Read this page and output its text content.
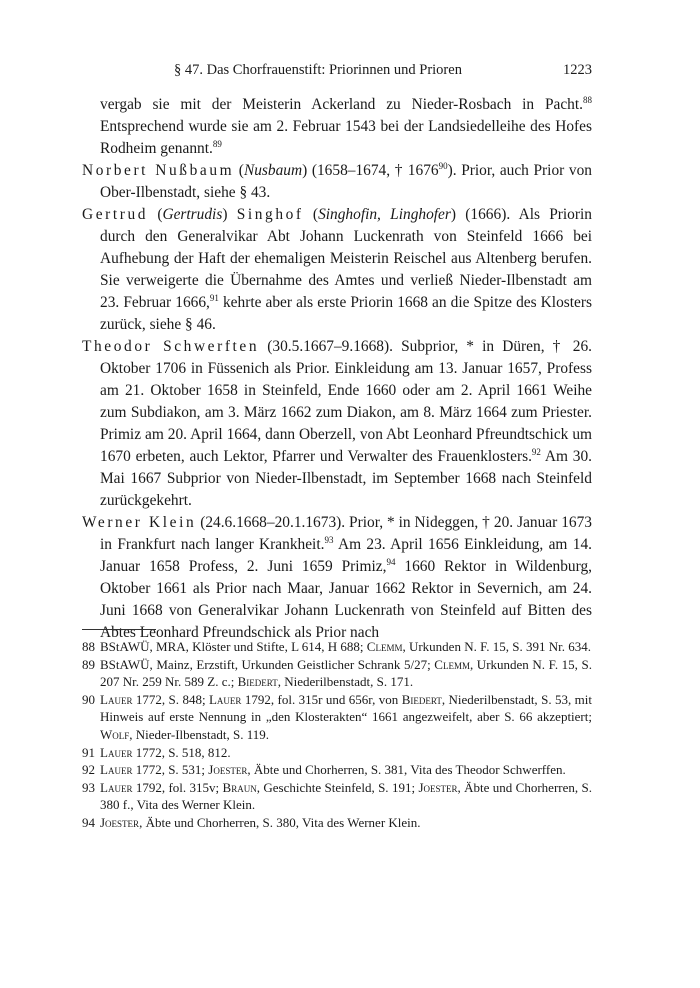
§ 47. Das Chorfrauenstift: Priorinnen und Prioren	1223

vergab sie mit der Meisterin Ackerland zu Nieder-Rosbach in Pacht.$^{88}$ Entsprechend wurde sie am 2. Februar 1543 bei der Landsiedelleihe des Hofes Rodheim genannt.$^{89}$

Norbert Nußbaum (Nusbaum) (1658–1674, † 1676$^{90}$). Prior, auch Prior von Ober-Ilbenstadt, siehe § 43.

Gertrud (Gertrudis) Singhof (Singhofin, Linghofer) (1666). Als Priorin durch den Generalvikar Abt Johann Luckenrath von Steinfeld 1666 bei Aufhebung der Haft der ehemaligen Meisterin Reischel aus Altenberg berufen. Sie verweigerte die Übernahme des Amtes und verließ Nieder-Ilbenstadt am 23. Februar 1666,91 kehrte aber als erste Priorin 1668 an die Spitze des Klosters zurück, siehe § 46.

Theodor Schwerften (30.5.1667–9.1668). Subprior, * in Düren, † 26. Oktober 1706 in Füssenich als Prior. Einkleidung am 13. Januar 1657, Profess am 21. Oktober 1658 in Steinfeld, Ende 1660 oder am 2. April 1661 Weihe zum Subdiakon, am 3. März 1662 zum Diakon, am 8. März 1664 zum Priester. Primiz am 20. April 1664, dann Oberzell, von Abt Leonhard Pfreundtschick um 1670 erbeten, auch Lektor, Pfarrer und Verwalter des Frauenklosters.$^{92}$ Am 30. Mai 1667 Subprior von Nieder-Ilbenstadt, im September 1668 nach Steinfeld zurückgekehrt.

Werner Klein (24.6.1668–20.1.1673). Prior, * in Nideggen, † 20. Januar 1673 in Frankfurt nach langer Krankheit.$^{93}$ Am 23. April 1656 Einkleidung, am 14. Januar 1658 Profess, 2. Juni 1659 Primiz,$^{94}$ 1660 Rektor in Wildenburg, Oktober 1661 als Prior nach Maar, Januar 1662 Rektor in Severnich, am 24. Juni 1668 von Generalvikar Johann Luckenrath von Steinfeld auf Bitten des Abtes Leonhard Pfreundschick als Prior nach

88 BStAWÜ, MRA, Klöster und Stifte, L 614, H 688; Clemm, Urkunden N. F. 15, S. 391 Nr. 634.

89 BStAWÜ, Mainz, Erzstift, Urkunden Geistlicher Schrank 5/27; Clemm, Urkunden N. F. 15, S. 207 Nr. 259 Nr. 589 Z. c.; Biedert, Niederilbenstadt, S. 171.

90 Lauer 1772, S. 848; Lauer 1792, fol. 315r und 656r, von Biedert, Niederilbenstadt, S. 53, mit Hinweis auf erste Nennung in „den Klosterakten“ 1661 angezweifelt, aber S. 66 akzeptiert; Wolf, Nieder-Ilbenstadt, S. 119.

91 Lauer 1772, S. 518, 812.

92 Lauer 1772, S. 531; Joester, Äbte und Chorherren, S. 381, Vita des Theodor Schwerffen.

93 Lauer 1792, fol. 315v; Braun, Geschichte Steinfeld, S. 191; Joester, Äbte und Chorherren, S. 380 f., Vita des Werner Klein.

94 Joester, Äbte und Chorherren, S. 380, Vita des Werner Klein.
